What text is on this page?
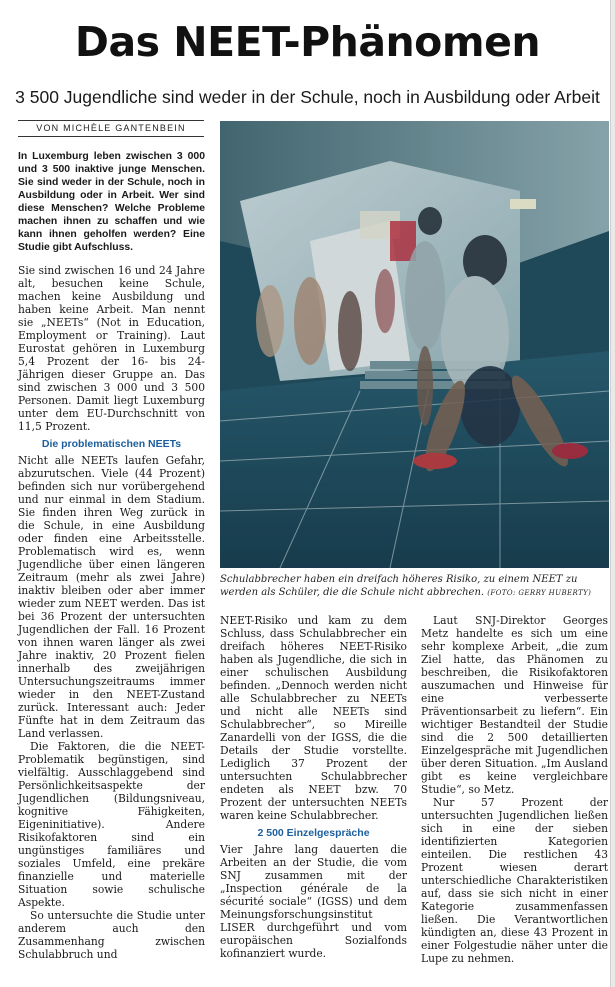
Das NEET-Phänomen
3 500 Jugendliche sind weder in der Schule, noch in Ausbildung oder Arbeit
VON MICHÈLE GANTENBEIN

In Luxemburg leben zwischen 3 000 und 3 500 inaktive junge Menschen. Sie sind weder in der Schule, noch in Ausbildung oder in Arbeit. Wer sind diese Menschen? Welche Probleme machen ihnen zu schaffen und wie kann ihnen geholfen werden? Eine Studie gibt Aufschluss.

Sie sind zwischen 16 und 24 Jahre alt, besuchen keine Schule, machen keine Ausbildung und haben keine Arbeit. Man nennt sie „NEETs“ (Not in Education, Employment or Training). Laut Eurostat gehören in Luxemburg 5,4 Prozent der 16- bis 24-Jährigen dieser Gruppe an. Das sind zwischen 3 000 und 3 500 Personen. Damit liegt Luxemburg unter dem EU-Durchschnitt von 11,5 Prozent.

Die problematischen NEETs

Nicht alle NEETs laufen Gefahr, abzurutschen. Viele (44 Prozent) befinden sich nur vorübergehend und nur einmal in dem Stadium. Sie finden ihren Weg zurück in die Schule, in eine Ausbildung oder finden eine Arbeitsstelle. Problematisch wird es, wenn Jugendliche über einen längeren Zeitraum (mehr als zwei Jahre) inaktiv bleiben oder aber immer wieder zum NEET werden. Das ist bei 36 Prozent der untersuchten Jugendlichen der Fall. 16 Prozent von ihnen waren länger als zwei Jahre inaktiv, 20 Prozent fielen innerhalb des zweijährigen Untersuchungszeitraums immer wieder in den NEET-Zustand zurück. Interessant auch: Jeder Fünfte hat in dem Zeitraum das Land verlassen.

Die Faktoren, die die NEET-Problematik begünstigen, sind vielfältig. Ausschlaggebend sind Persönlichkeitsaspekte der Jugendlichen (Bildungsniveau, kognitive Fähigkeiten, Eigeninitiative). Andere Risikofaktoren sind ein ungünstiges familiäres und soziales Umfeld, eine prekäre finanzielle und materielle Situation sowie schulische Aspekte.

So untersuchte die Studie unter anderem auch den Zusammenhang zwischen Schulabbruch und

Schulabbrecher haben ein dreifach höheres Risiko, zu einem NEET zu werden als Schüler, die die Schule nicht abbrechen. (FOTO: GERRY HUBERTY)

NEET-Risiko und kam zu dem Schluss, dass Schulabbrecher ein dreifach höheres NEET-Risiko haben als Jugendliche, die sich in einer schulischen Ausbildung befinden. „Dennoch werden nicht alle Schulabbrecher zu NEETs und nicht alle NEETs sind Schulabbrecher“, so Mireille Zanardelli von der IGSS, die die Details der Studie vorstellte. Lediglich 37 Prozent der untersuchten Schulabbrecher endeten als NEET bzw. 70 Prozent der untersuchten NEETs waren keine Schulabbrecher.

2 500 Einzelgespräche

Vier Jahre lang dauerten die Arbeiten an der Studie, die vom SNJ zusammen mit der „Inspection générale de la sécurité sociale“ (IGSS) und dem Meinungsforschungsinstitut LISER durchgeführt und vom europäischen Sozialfonds kofinanziert wurde.

Laut SNJ-Direktor Georges Metz handelte es sich um eine sehr komplexe Arbeit, „die zum Ziel hatte, das Phänomen zu beschreiben, die Risikofaktoren auszumachen und Hinweise für eine verbesserte Präventionsarbeit zu liefern“. Ein wichtiger Bestandteil der Studie sind die 2 500 detaillierten Einzelgespräche mit Jugendlichen über deren Situation. „Im Ausland gibt es keine vergleichbare Studie“, so Metz.

Nur 57 Prozent der untersuchten Jugendlichen ließen sich in eine der sieben identifizierten Kategorien einteilen. Die restlichen 43 Prozent wiesen derart unterschiedliche Charakteristiken auf, dass sie sich nicht in einer Kategorie zusammenfassen ließen. Die Verantwortlichen kündigten an, diese 43 Prozent in einer Folgestudie näher unter die Lupe zu nehmen.
